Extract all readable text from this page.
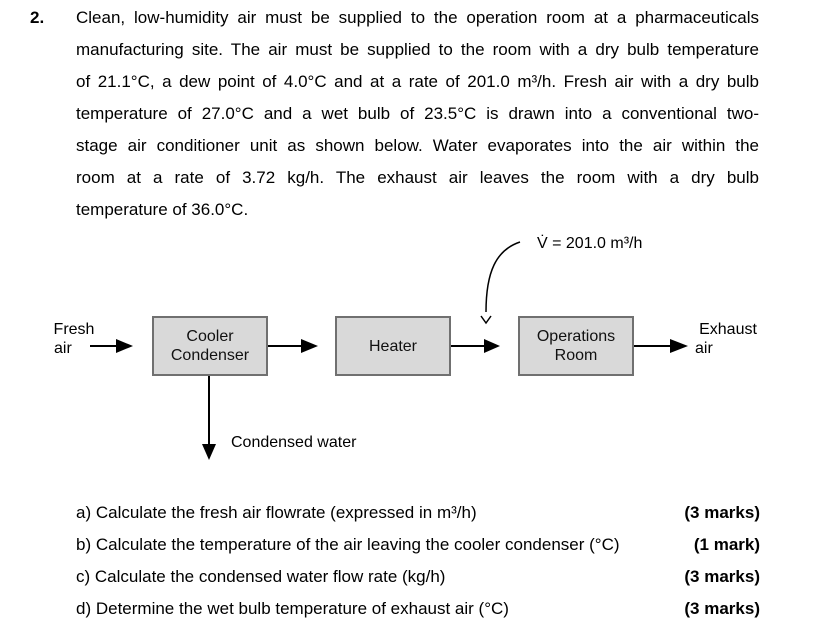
2. Clean, low-humidity air must be supplied to the operation room at a pharmaceuticals
manufacturing site. The air must be supplied to the room with a dry bulb temperature
of 21.1°C, a dew point of 4.0°C and at a rate of 201.0 m³/h. Fresh air with a dry bulb
temperature of 27.0°C and a wet bulb of 23.5°C is drawn into a conventional two-
stage air conditioner unit as shown below. Water evaporates into the air within the
room at a rate of 3.72 kg/h. The exhaust air leaves the room with a dry bulb
temperature of 36.0°C.
V̇ = 201.0 m³/h
Fresh
air
Cooler
Condenser
Heater
Operations
Room
Exhaust
air
Condensed water
a) Calculate the fresh air flowrate (expressed in m³/h)	(3 marks)
b) Calculate the temperature of the air leaving the cooler condenser (°C)	(1 mark)
c) Calculate the condensed water flow rate (kg/h)	(3 marks)
d) Determine the wet bulb temperature of exhaust air (°C)	(3 marks)
